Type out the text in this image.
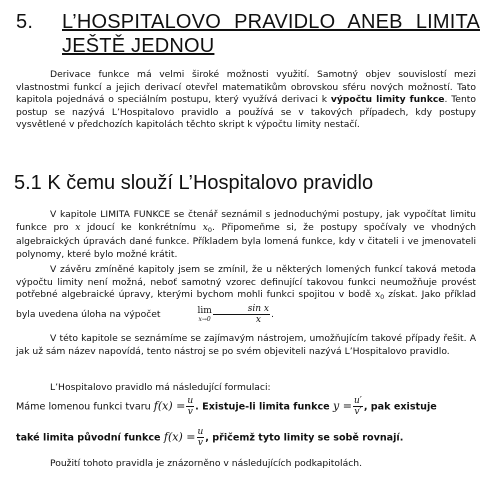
5. L’HOSPITALOVO PRAVIDLO ANEB LIMITA
JEŠTĚ JEDNOU

Derivace funkce má velmi široké možnosti využití. Samotný objev souvislostí mezi vlastnostmi funkcí a jejich derivací otevřel matematikům obrovskou sféru nových možností. Tato kapitola pojednává o speciálním postupu, který využívá derivaci k výpočtu limity funkce. Tento postup se nazývá L’Hospitalovo pravidlo a používá se v takových případech, kdy postupy vysvětlené v předchozích kapitolách těchto skript k výpočtu limity nestačí.

5.1 K čemu slouží L’Hospitalovo pravidlo

V kapitole LIMITA FUNKCE se čtenář seznámil s jednoduchými postupy, jak vypočítat limitu funkce pro x jdoucí ke konkrétnímu $x_0$. Připomeňme si, že postupy spočívaly ve vhodných algebraických úpravách dané funkce. Příkladem byla lomená funkce, kdy v čitateli i ve jmenovateli polynomy, které bylo možné krátit.

V závěru zmíněné kapitoly jsem se zmínil, že u některých lomených funkcí taková metoda výpočtu limity není možná, neboť samotný vzorec definující takovou funkci neumožňuje provést potřebné algebraické úpravy, kterými bychom mohli funkci spojitou v bodě $x_0$ získat. Jako příklad byla uvedena úloha na výpočet	lim
$x\to 0 \frac{\text{sin x}}{x}$ .

V této kapitole se seznámíme se zajímavým nástrojem, umožňujícím takové případy řešit. A jak už sám název napovídá, tento nástroj se po svém objeviteli nazývá L’Hospitalovo pravidlo.

L’Hospitalovo pravidlo má následující formulaci:

Máme lomenou funkci tvaru $f(x) = \frac{u}{v}$ . Existuje-li limita funkce $y = \frac{u'}{v'}$ , pak existuje
také limita původní funkce $f(x) = \frac{u}{v}$ , přičemž tyto limity se sobě rovnají.

Použití tohoto pravidla je znázorněno v následujících podkapitolách.
